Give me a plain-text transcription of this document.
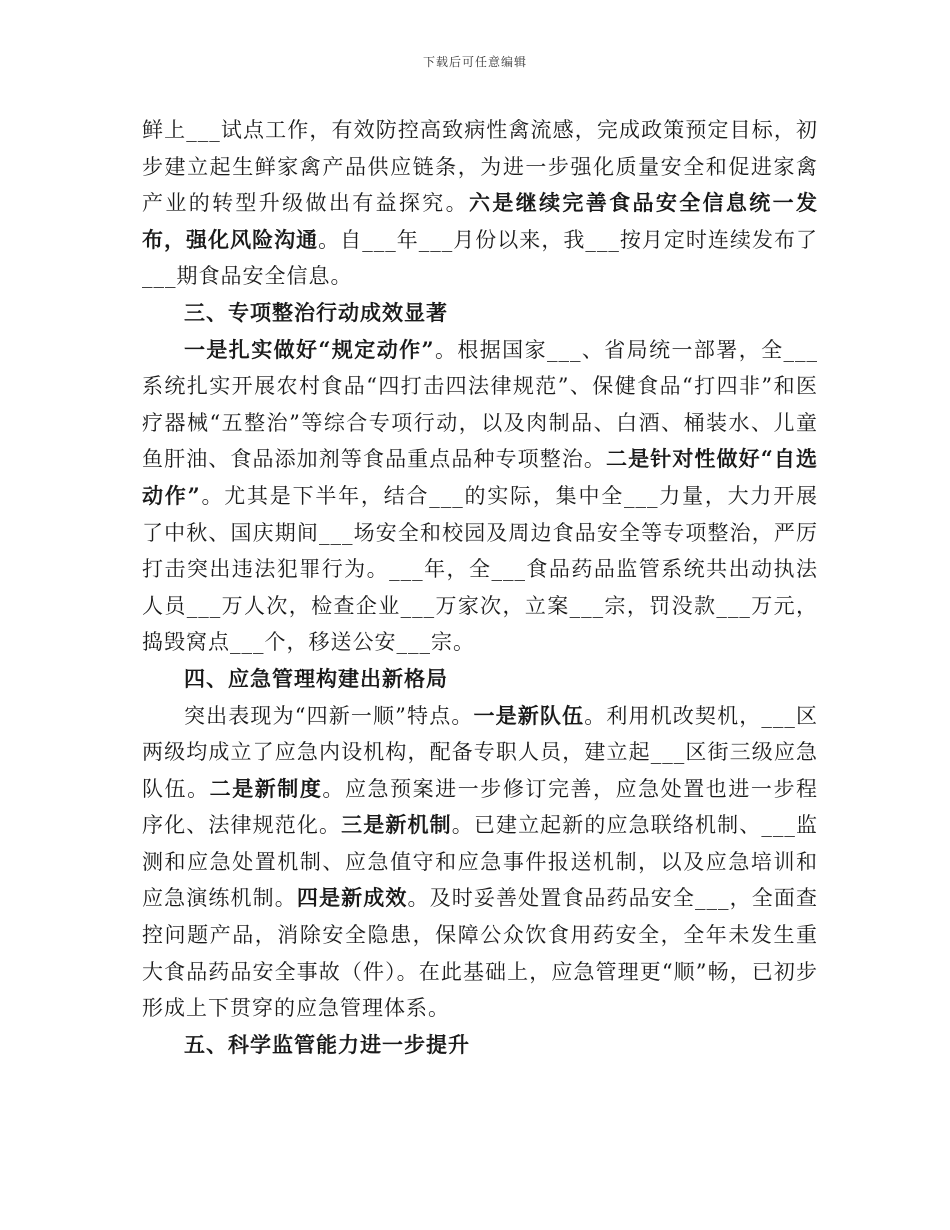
下载后可任意编辑

鲜上___试点工作，有效防控高致病性禽流感，完成政策预定目标，初步建立起生鲜家禽产品供应链条，为进一步强化质量安全和促进家禽产业的转型升级做出有益探究。六是继续完善食品安全信息统一发布，强化风险沟通。自___年___月份以来，我___按月定时连续发布了___期食品安全信息。

三、专项整治行动成效显著

一是扎实做好“规定动作”。根据国家___、省局统一部署，全___系统扎实开展农村食品“四打击四法律规范”、保健食品“打四非”和医疗器械“五整治”等综合专项行动，以及肉制品、白酒、桶装水、儿童鱼肝油、食品添加剂等食品重点品种专项整治。二是针对性做好“自选动作”。尤其是下半年，结合___的实际，集中全___力量，大力开展了中秋、国庆期间___场安全和校园及周边食品安全等专项整治，严厉打击突出违法犯罪行为。___年，全___食品药品监管系统共出动执法人员___万人次，检查企业___万家次，立案___宗，罚没款___万元，捣毁窝点___个，移送公安___宗。

四、应急管理构建出新格局

突出表现为“四新一顺”特点。一是新队伍。利用机改契机，___区两级均成立了应急内设机构，配备专职人员，建立起___区街三级应急队伍。二是新制度。应急预案进一步修订完善，应急处置也进一步程序化、法律规范化。三是新机制。已建立起新的应急联络机制、___监测和应急处置机制、应急值守和应急事件报送机制，以及应急培训和应急演练机制。四是新成效。及时妥善处置食品药品安全___，全面查控问题产品，消除安全隐患，保障公众饮食用药安全，全年未发生重大食品药品安全事故（件）。在此基础上，应急管理更“顺”畅，已初步形成上下贯穿的应急管理体系。

五、科学监管能力进一步提升
